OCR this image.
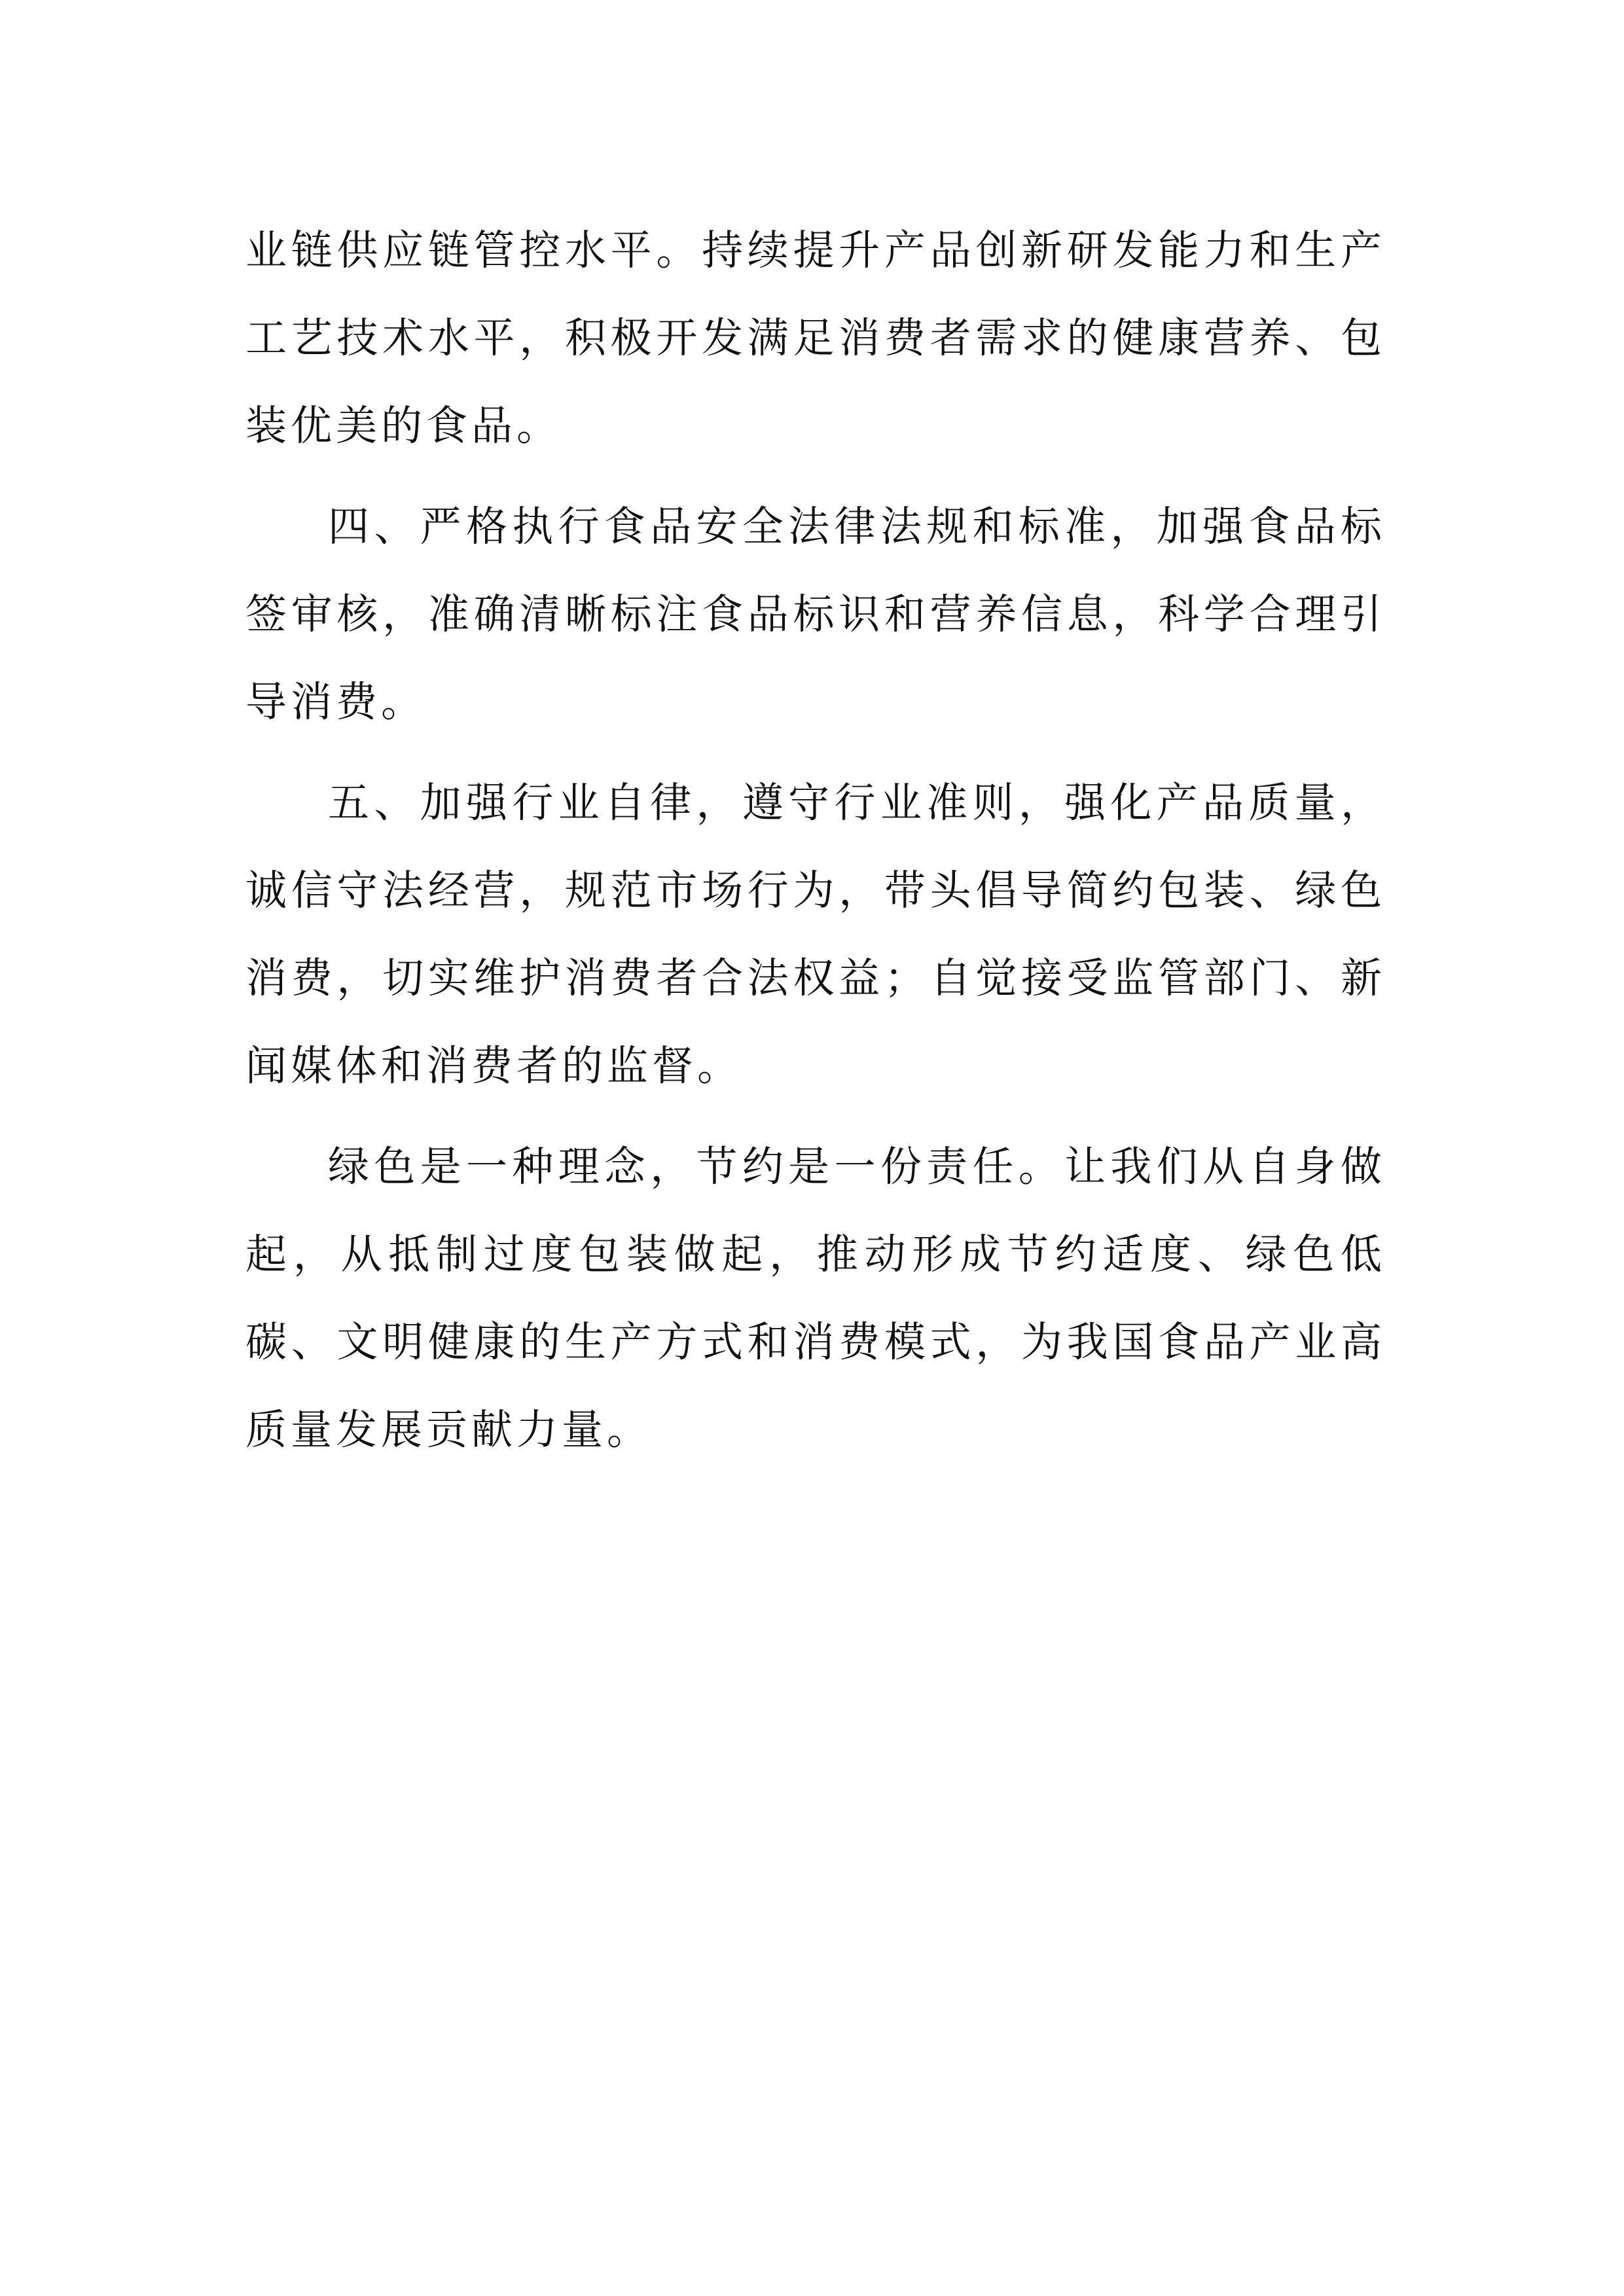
业链供应链管控水平。持续提升产品创新研发能力和生产工艺技术水平，积极开发满足消费者需求的健康营养、包装优美的食品。

四、严格执行食品安全法律法规和标准，加强食品标签审核，准确清晰标注食品标识和营养信息，科学合理引导消费。

五、加强行业自律，遵守行业准则，强化产品质量，诚信守法经营，规范市场行为，带头倡导简约包装、绿色消费，切实维护消费者合法权益；自觉接受监管部门、新闻媒体和消费者的监督。

绿色是一种理念，节约是一份责任。让我们从自身做起，从抵制过度包装做起，推动形成节约适度、绿色低碳、文明健康的生产方式和消费模式，为我国食品产业高质量发展贡献力量。
